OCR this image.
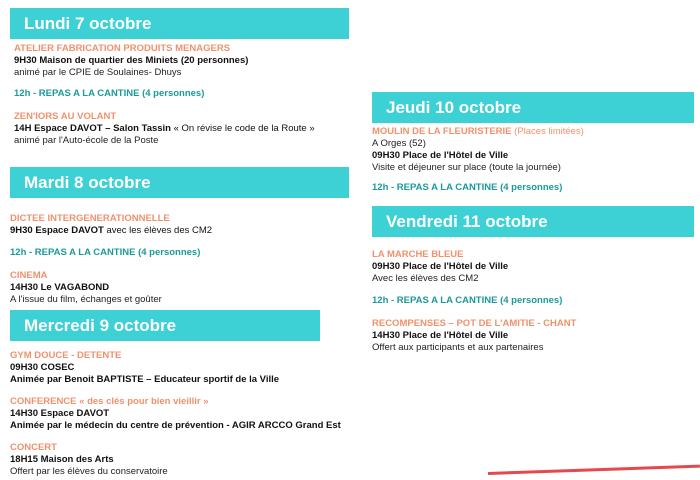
Lundi 7 octobre
ATELIER FABRICATION PRODUITS MENAGERS
9H30 Maison de quartier des Miniets (20 personnes)
animé par le CPIE de Soulaines- Dhuys
12h - REPAS A LA CANTINE (4 personnes)
ZEN'IORS AU VOLANT
14H Espace DAVOT – Salon Tassin « On révise le code de la Route »
animé par l'Auto-école de la Poste
Mardi 8 octobre
DICTEE INTERGENERATIONNELLE
9H30 Espace DAVOT avec les élèves des CM2
12h - REPAS A LA CANTINE (4 personnes)
CINEMA
14H30 Le VAGABOND
A l'issue du film, échanges et goûter
Mercredi 9 octobre
GYM DOUCE - DETENTE
09H30 COSEC
Animée par Benoit BAPTISTE – Educateur sportif de la Ville
CONFERENCE « des clés pour bien vieillir »
14H30 Espace DAVOT
Animée par le médecin du centre de prévention - AGIR ARCCO Grand Est
CONCERT
18H15 Maison des Arts
Offert par les élèves du conservatoire
Jeudi 10 octobre
MOULIN DE LA FLEURISTERIE (Places limitées)
A Orges (52)
09H30 Place de l'Hôtel de Ville
Visite et déjeuner sur place (toute la journée)
12h - REPAS A LA CANTINE (4 personnes)
Vendredi 11 octobre
LA MARCHE BLEUE
09H30 Place de l'Hôtel de Ville
Avec les élèves des CM2
12h - REPAS A LA CANTINE (4 personnes)
RECOMPENSES – POT DE L'AMITIE - CHANT
14H30 Place de l'Hôtel de Ville
Offert aux participants et aux partenaires
